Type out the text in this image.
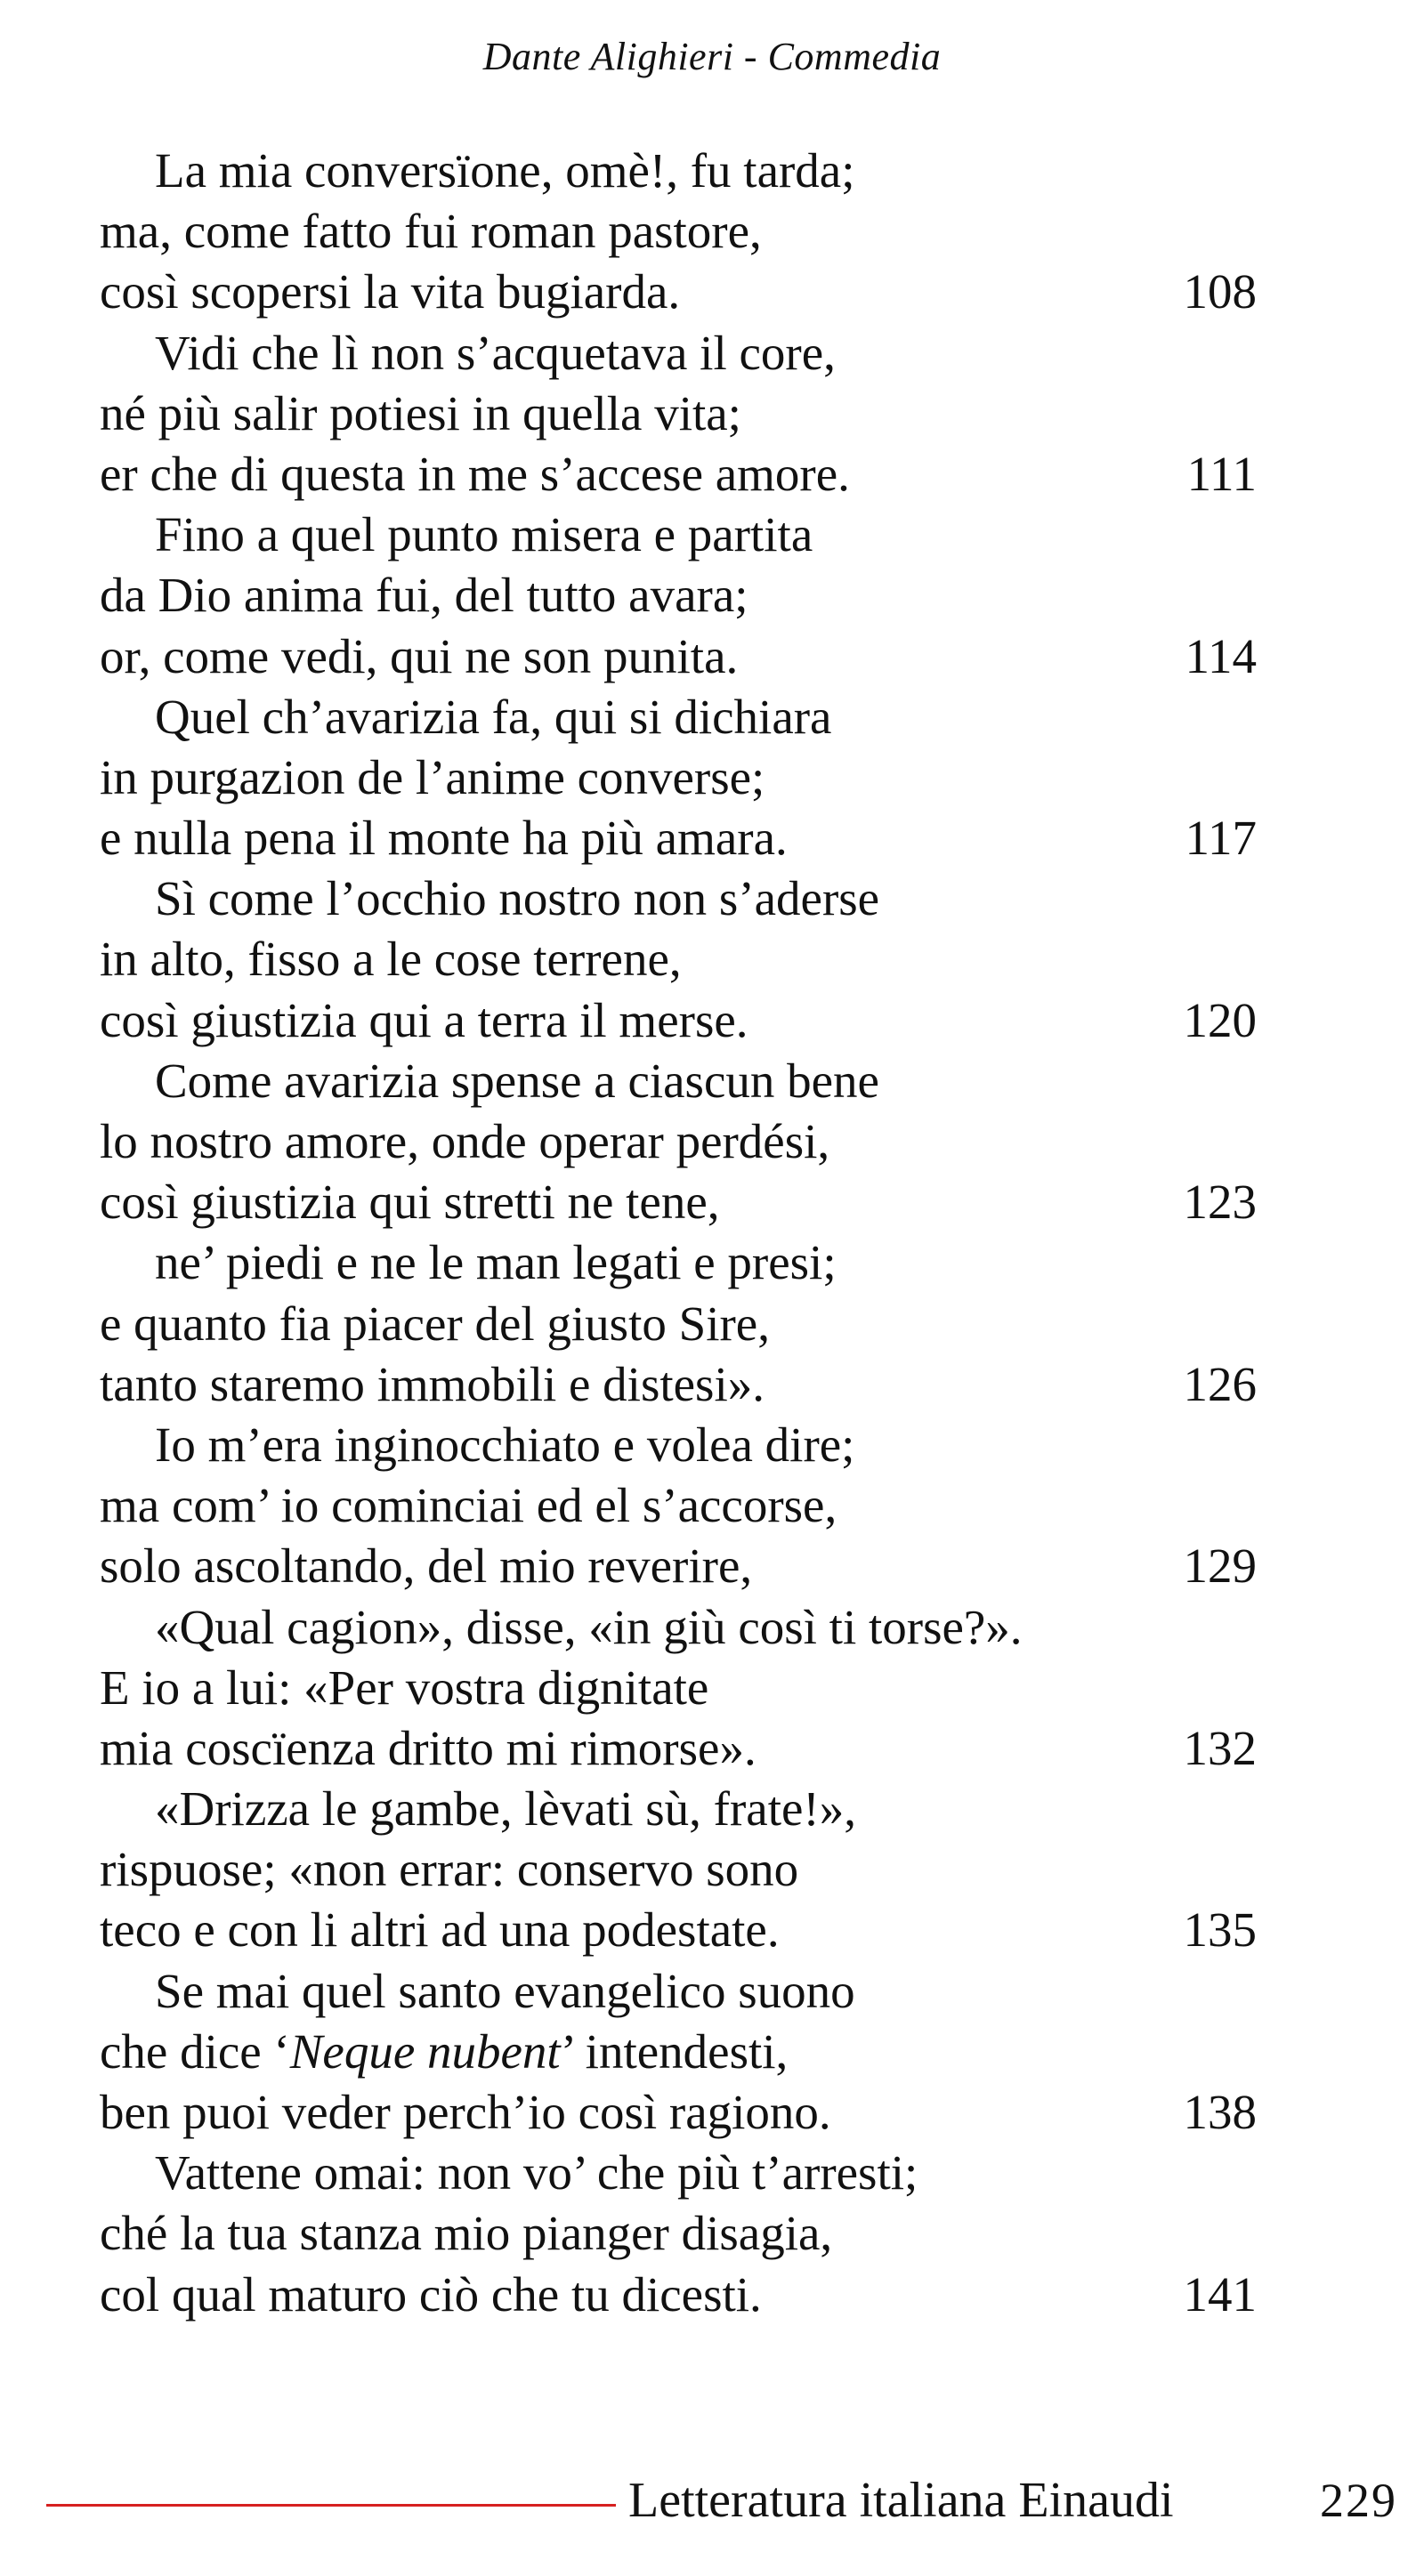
Dante Alighieri - Commedia
La mia conversïone, omè!, fu tarda;
ma, come fatto fui roman pastore,
così scopersi la vita bugiarda.	108
Vidi che lì non s’acquetava il core,
né più salir potiesi in quella vita;
er che di questa in me s’accese amore.	111
Fino a quel punto misera e partita
da Dio anima fui, del tutto avara;
or, come vedi, qui ne son punita.	114
Quel ch’avarizia fa, qui si dichiara
in purgazion de l’anime converse;
e nulla pena il monte ha più amara.	117
Sì come l’occhio nostro non s’aderse
in alto, fisso a le cose terrene,
così giustizia qui a terra il merse.	120
Come avarizia spense a ciascun bene
lo nostro amore, onde operar perdési,
così giustizia qui stretti ne tene,	123
ne’ piedi e ne le man legati e presi;
e quanto fia piacer del giusto Sire,
tanto staremo immobili e distesi».	126
Io m’era inginocchiato e volea dire;
ma com’ io cominciai ed el s’accorse,
solo ascoltando, del mio reverire,	129
«Qual cagion», disse, «in giù così ti torse?».
E io a lui: «Per vostra dignitate
mia coscïenza dritto mi rimorse».	132
«Drizza le gambe, lèvati sù, frate!»,
rispuose; «non errar: conservo sono
teco e con li altri ad una podestate.	135
Se mai quel santo evangelico suono
che dice ‘Neque nubent’ intendesti,
ben puoi veder perch’io così ragiono.	138
Vattene omai: non vo’ che più t’arresti;
ché la tua stanza mio pianger disagia,
col qual maturo ciò che tu dicesti.	141
Letteratura italiana Einaudi	229
